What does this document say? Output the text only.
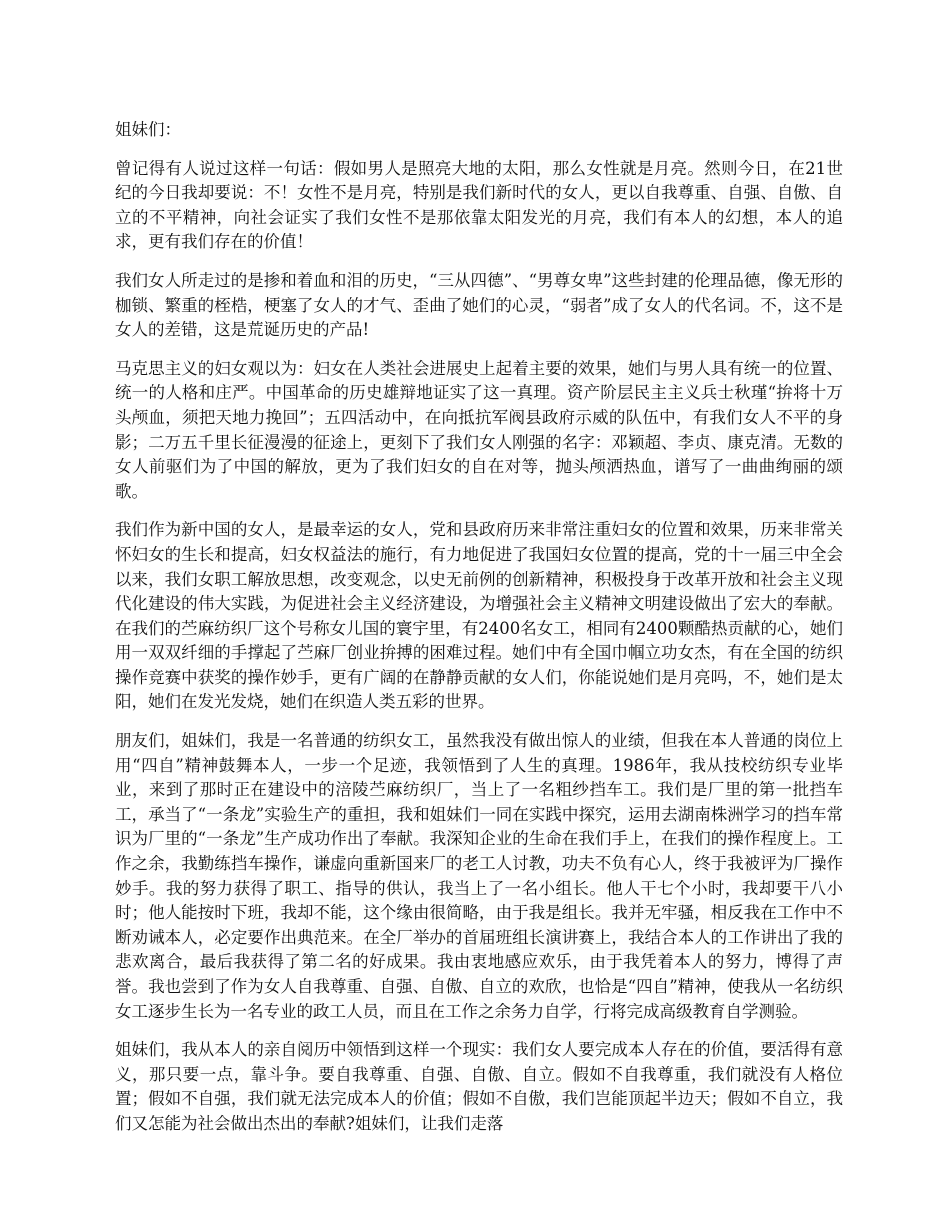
姐妹们：

曾记得有人说过这样一句话：假如男人是照亮大地的太阳，那么女性就是月亮。然则今日，在21世纪的今日我却要说：不！女性不是月亮，特别是我们新时代的女人，更以自我尊重、自强、自傲、自立的不平精神，向社会证实了我们女性不是那依靠太阳发光的月亮，我们有本人的幻想，本人的追求，更有我们存在的价值！

我们女人所走过的是掺和着血和泪的历史，“三从四德”、“男尊女卑”这些封建的伦理品德，像无形的枷锁、繁重的桎梏，梗塞了女人的才气、歪曲了她们的心灵，“弱者”成了女人的代名词。不，这不是女人的差错，这是荒诞历史的产品!

马克思主义的妇女观以为：妇女在人类社会进展史上起着主要的效果，她们与男人具有统一的位置、统一的人格和庄严。中国革命的历史雄辩地证实了这一真理。资产阶层民主主义兵士秋瑾“拚将十万头颅血，须把天地力挽回”；五四活动中，在向抵抗军阀县政府示威的队伍中，有我们女人不平的身影；二万五千里长征漫漫的征途上，更刻下了我们女人刚强的名字：邓颖超、李贞、康克清。无数的女人前驱们为了中国的解放，更为了我们妇女的自在对等，抛头颅洒热血，谱写了一曲曲绚丽的颂歌。

我们作为新中国的女人，是最幸运的女人，党和县政府历来非常注重妇女的位置和效果，历来非常关怀妇女的生长和提高，妇女权益法的施行，有力地促进了我国妇女位置的提高，党的十一届三中全会以来，我们女职工解放思想，改变观念，以史无前例的创新精神，积极投身于改革开放和社会主义现代化建设的伟大实践，为促进社会主义经济建设，为增强社会主义精神文明建设做出了宏大的奉献。在我们的苎麻纺织厂这个号称女儿国的寰宇里，有2400名女工，相同有2400颗酷热贡献的心，她们用一双双纤细的手撑起了苎麻厂创业拚搏的困难过程。她们中有全国巾帼立功女杰，有在全国的纺织操作竞赛中获奖的操作妙手，更有广阔的在静静贡献的女人们，你能说她们是月亮吗，不，她们是太阳，她们在发光发烧，她们在织造人类五彩的世界。

朋友们，姐妹们，我是一名普通的纺织女工，虽然我没有做出惊人的业绩，但我在本人普通的岗位上用“四自”精神鼓舞本人，一步一个足迹，我领悟到了人生的真理。1986年，我从技校纺织专业毕业，来到了那时正在建设中的涪陵苎麻纺织厂，当上了一名粗纱挡车工。我们是厂里的第一批挡车工，承当了“一条龙”实验生产的重担，我和姐妹们一同在实践中探究，运用去湖南株洲学习的挡车常识为厂里的“一条龙”生产成功作出了奉献。我深知企业的生命在我们手上，在我们的操作程度上。工作之余，我勤练挡车操作，谦虚向重新国来厂的老工人讨教，功夫不负有心人，终于我被评为厂操作妙手。我的努力获得了职工、指导的供认，我当上了一名小组长。他人干七个小时，我却要干八小时；他人能按时下班，我却不能，这个缘由很简略，由于我是组长。我并无牢骚，相反我在工作中不断劝诫本人，必定要作出典范来。在全厂举办的首届班组长演讲赛上，我结合本人的工作讲出了我的悲欢离合，最后我获得了第二名的好成果。我由衷地感应欢乐，由于我凭着本人的努力，博得了声誉。我也尝到了作为女人自我尊重、自强、自傲、自立的欢欣，也恰是“四自”精神，使我从一名纺织女工逐步生长为一名专业的政工人员，而且在工作之余务力自学，行将完成高级教育自学测验。

姐妹们，我从本人的亲自阅历中领悟到这样一个现实：我们女人要完成本人存在的价值，要活得有意义，那只要一点，靠斗争。要自我尊重、自强、自傲、自立。假如不自我尊重，我们就没有人格位置；假如不自强，我们就无法完成本人的价值；假如不自傲，我们岂能顶起半边天；假如不自立，我们又怎能为社会做出杰出的奉献?姐妹们，让我们走落
